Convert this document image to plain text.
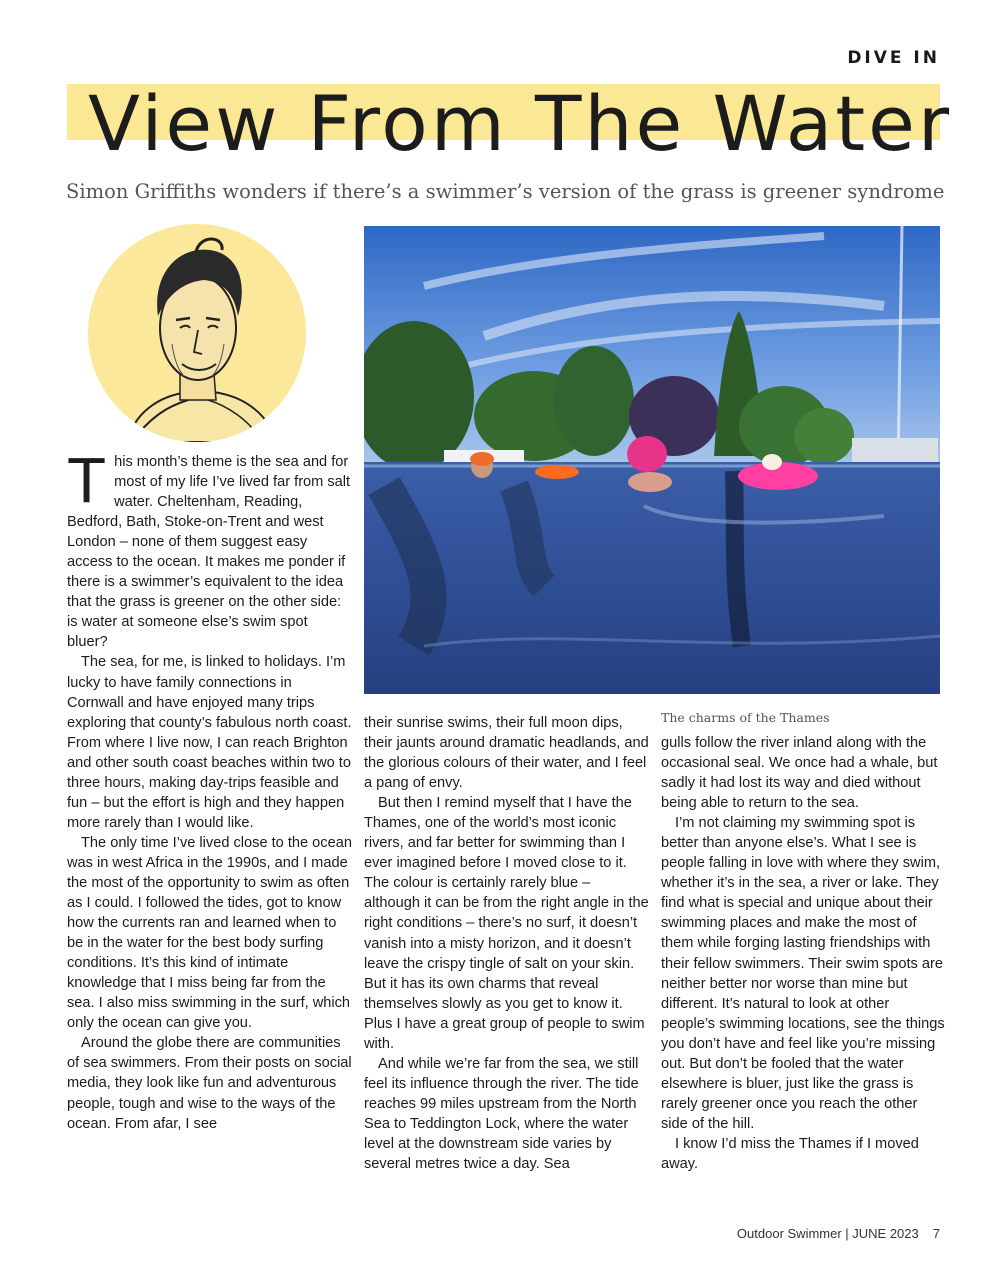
DIVE IN
View From The Water

Simon Griffiths wonders if there’s a swimmer’s version of the grass is greener syndrome

The charms of the Thames

This month’s theme is the sea and for most of my life I’ve lived far from salt water. Cheltenham, Reading, Bedford, Bath, Stoke-on-Trent and west London – none of them suggest easy access to the ocean. It makes me ponder if there is a swimmer’s equivalent to the idea that the grass is greener on the other side: is water at someone else’s swim spot bluer?

The sea, for me, is linked to holidays. I’m lucky to have family connections in Cornwall and have enjoyed many trips exploring that county’s fabulous north coast. From where I live now, I can reach Brighton and other south coast beaches within two to three hours, making day-trips feasible and fun – but the effort is high and they happen more rarely than I would like.

The only time I’ve lived close to the ocean was in west Africa in the 1990s, and I made the most of the opportunity to swim as often as I could. I followed the tides, got to know how the currents ran and learned when to be in the water for the best body surfing conditions. It’s this kind of intimate knowledge that I miss being far from the sea. I also miss swimming in the surf, which only the ocean can give you.

Around the globe there are communities of sea swimmers. From their posts on social media, they look like fun and adventurous people, tough and wise to the ways of the ocean. From afar, I see

their sunrise swims, their full moon dips, their jaunts around dramatic headlands, and the glorious colours of their water, and I feel a pang of envy.

But then I remind myself that I have the Thames, one of the world’s most iconic rivers, and far better for swimming than I ever imagined before I moved close to it. The colour is certainly rarely blue – although it can be from the right angle in the right conditions – there’s no surf, it doesn’t vanish into a misty horizon, and it doesn’t leave the crispy tingle of salt on your skin. But it has its own charms that reveal themselves slowly as you get to know it. Plus I have a great group of people to swim with.

And while we’re far from the sea, we still feel its influence through the river. The tide reaches 99 miles upstream from the North Sea to Teddington Lock, where the water level at the downstream side varies by several metres twice a day. Sea

gulls follow the river inland along with the occasional seal. We once had a whale, but sadly it had lost its way and died without being able to return to the sea.

I’m not claiming my swimming spot is better than anyone else’s. What I see is people falling in love with where they swim, whether it’s in the sea, a river or lake. They find what is special and unique about their swimming places and make the most of them while forging lasting friendships with their fellow swimmers. Their swim spots are neither better nor worse than mine but different. It’s natural to look at other people’s swimming locations, see the things you don’t have and feel like you’re missing out. But don’t be fooled that the water elsewhere is bluer, just like the grass is rarely greener once you reach the other side of the hill.

I know I’d miss the Thames if I moved away.

Outdoor Swimmer | JUNE 2023 7
